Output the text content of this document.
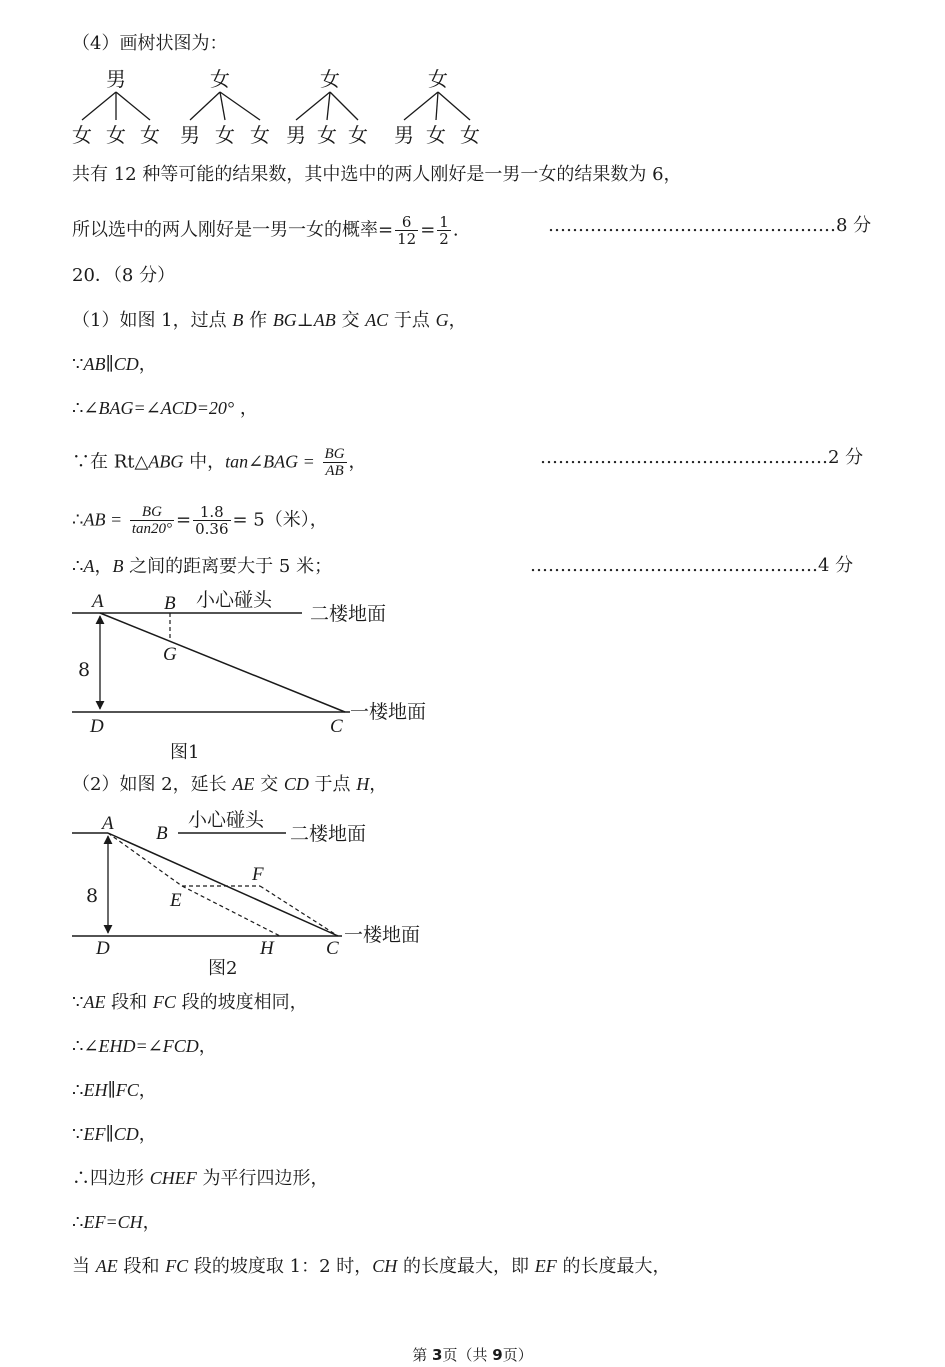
（4）画树状图为：
男
女 女 女
女
男 女 女
女
男 女 女
女
男 女 女
共有 12 种等可能的结果数，其中选中的两人刚好是一男一女的结果数为 6，
所以选中的两人刚好是一男一女的概率= $\frac{6}{12} = \frac{1}{2}$ .	…………………………………………8 分
20．（8 分）
（1）如图 1，过点 B 作 BG⊥AB 交 AC 于点 G，
∵AB∥CD，
∴∠BAG=∠ACD=20° ，
∵在 Rt△ABG 中，tan∠BAG = $\frac{BG}{AB}$ ，	…………………………………………2 分
∴AB = $\frac{BG}{\tan 20^\circ} = \frac{1.8}{0.36} = 5$（米），
∴A，B 之间的距离要大于 5 米；	…………………………………………4 分
A	B 小心碰头
二楼地面
G
8
D	C
一楼地面
图1
（2）如图 2，延长 AE 交 CD 于点 H，
A B
小心碰头
二楼地面
F
E
8
D	H	C
一楼地面
图2
∵AE 段和 FC 段的坡度相同，
∴∠EHD=∠FCD，
∴EH∥FC，
∵EF∥CD，
∴四边形 CHEF 为平行四边形，
∴EF=CH，
当 AE 段和 FC 段的坡度取 1：2 时，CH 的长度最大，即 EF 的长度最大，
第 3页（共 9页）
